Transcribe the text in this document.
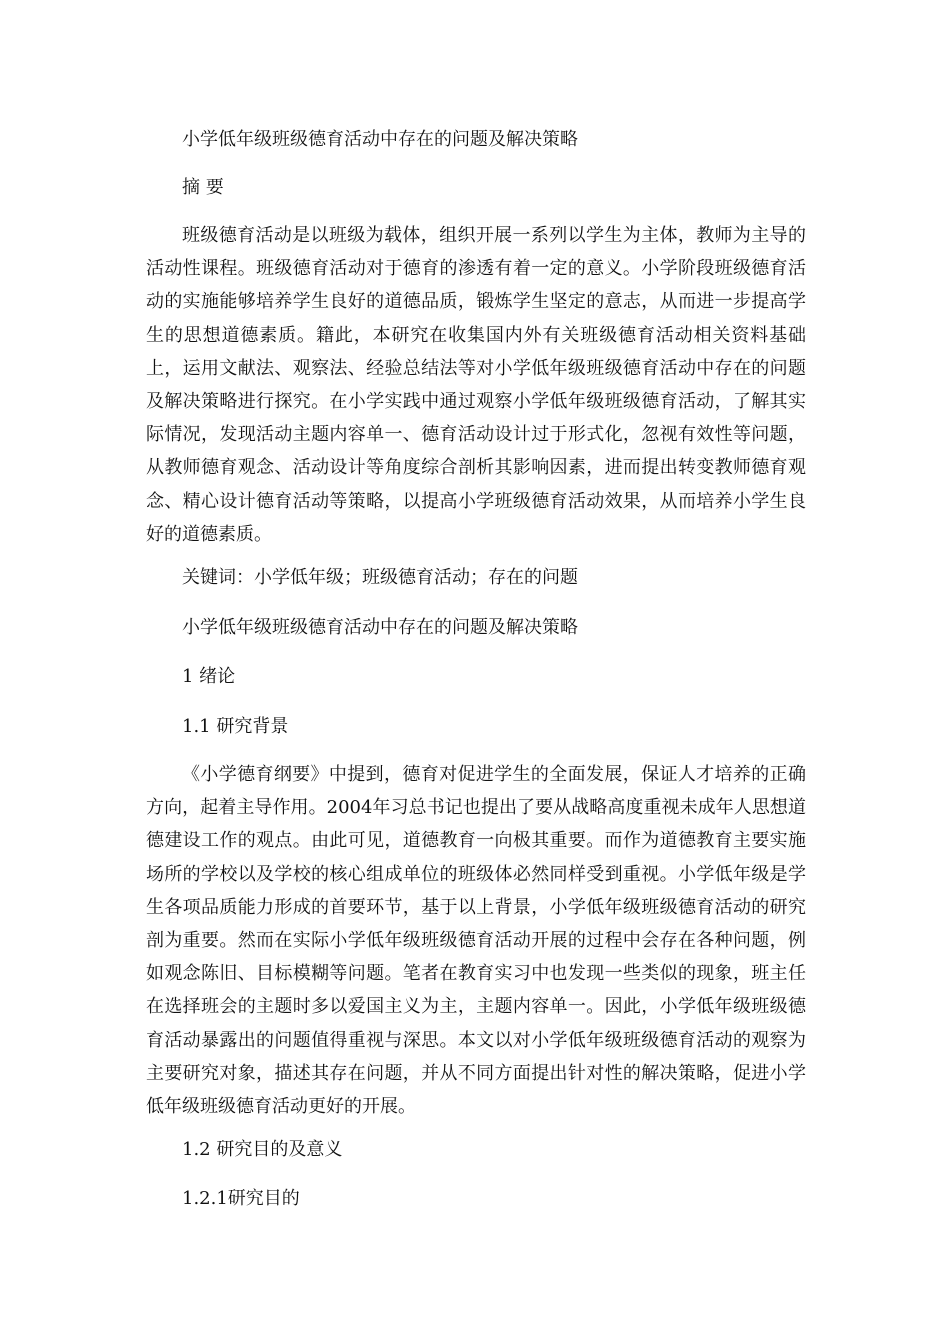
小学低年级班级德育活动中存在的问题及解决策略
摘 要
班级德育活动是以班级为载体，组织开展一系列以学生为主体，教师为主导的活动性课程。班级德育活动对于德育的渗透有着一定的意义。小学阶段班级德育活动的实施能够培养学生良好的道德品质，锻炼学生坚定的意志，从而进一步提高学生的思想道德素质。籍此，本研究在收集国内外有关班级德育活动相关资料基础上，运用文献法、观察法、经验总结法等对小学低年级班级德育活动中存在的问题及解决策略进行探究。在小学实践中通过观察小学低年级班级德育活动，了解其实际情况，发现活动主题内容单一、德育活动设计过于形式化，忽视有效性等问题，从教师德育观念、活动设计等角度综合剖析其影响因素，进而提出转变教师德育观念、精心设计德育活动等策略，以提高小学班级德育活动效果，从而培养小学生良好的道德素质。
关键词：小学低年级；班级德育活动；存在的问题
小学低年级班级德育活动中存在的问题及解决策略
1 绪论
1.1 研究背景
《小学德育纲要》中提到，德育对促进学生的全面发展，保证人才培养的正确方向，起着主导作用。2004年习总书记也提出了要从战略高度重视未成年人思想道德建设工作的观点。由此可见，道德教育一向极其重要。而作为道德教育主要实施场所的学校以及学校的核心组成单位的班级体必然同样受到重视。小学低年级是学生各项品质能力形成的首要环节，基于以上背景，小学低年级班级德育活动的研究剖为重要。然而在实际小学低年级班级德育活动开展的过程中会存在各种问题，例如观念陈旧、目标模糊等问题。笔者在教育实习中也发现一些类似的现象，班主任在选择班会的主题时多以爱国主义为主，主题内容单一。因此，小学低年级班级德育活动暴露出的问题值得重视与深思。本文以对小学低年级班级德育活动的观察为主要研究对象，描述其存在问题，并从不同方面提出针对性的解决策略，促进小学低年级班级德育活动更好的开展。
1.2 研究目的及意义
1.2.1研究目的
